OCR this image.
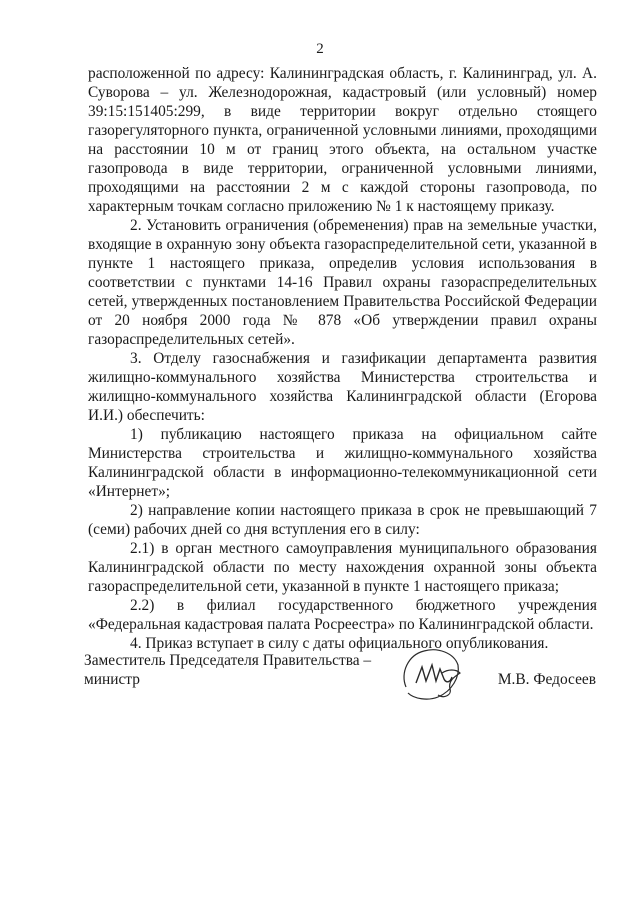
2

расположенной по адресу: Калининградская область, г. Калининград, ул. А. Суворова – ул. Железнодорожная, кадастровый (или условный) номер 39:15:151405:299, в виде территории вокруг отдельно стоящего газорегуляторного пункта, ограниченной условными линиями, проходящими на расстоянии 10 м от границ этого объекта, на остальном участке газопровода в виде территории, ограниченной условными линиями, проходящими на расстоянии 2 м с каждой стороны газопровода, по характерным точкам согласно приложению № 1 к настоящему приказу.

2. Установить ограничения (обременения) прав на земельные участки, входящие в охранную зону объекта газораспределительной сети, указанной в пункте 1 настоящего приказа, определив условия использования в соответствии с пунктами 14-16 Правил охраны газораспределительных сетей, утвержденных постановлением Правительства Российской Федерации от 20 ноября 2000 года № 878 «Об утверждении правил охраны газораспределительных сетей».

3. Отделу газоснабжения и газификации департамента развития жилищно-коммунального хозяйства Министерства строительства и жилищно-коммунального хозяйства Калининградской области (Егорова И.И.) обеспечить:

1) публикацию настоящего приказа на официальном сайте Министерства строительства и жилищно-коммунального хозяйства Калининградской области в информационно-телекоммуникационной сети «Интернет»;

2) направление копии настоящего приказа в срок не превышающий 7 (семи) рабочих дней со дня вступления его в силу:

2.1) в орган местного самоуправления муниципального образования Калининградской области по месту нахождения охранной зоны объекта газораспределительной сети, указанной в пункте 1 настоящего приказа;

2.2) в филиал государственного бюджетного учреждения «Федеральная кадастровая палата Росреестра» по Калининградской области.

4. Приказ вступает в силу с даты официального опубликования.

Заместитель Председателя Правительства –
министр	М.В. Федосеев
